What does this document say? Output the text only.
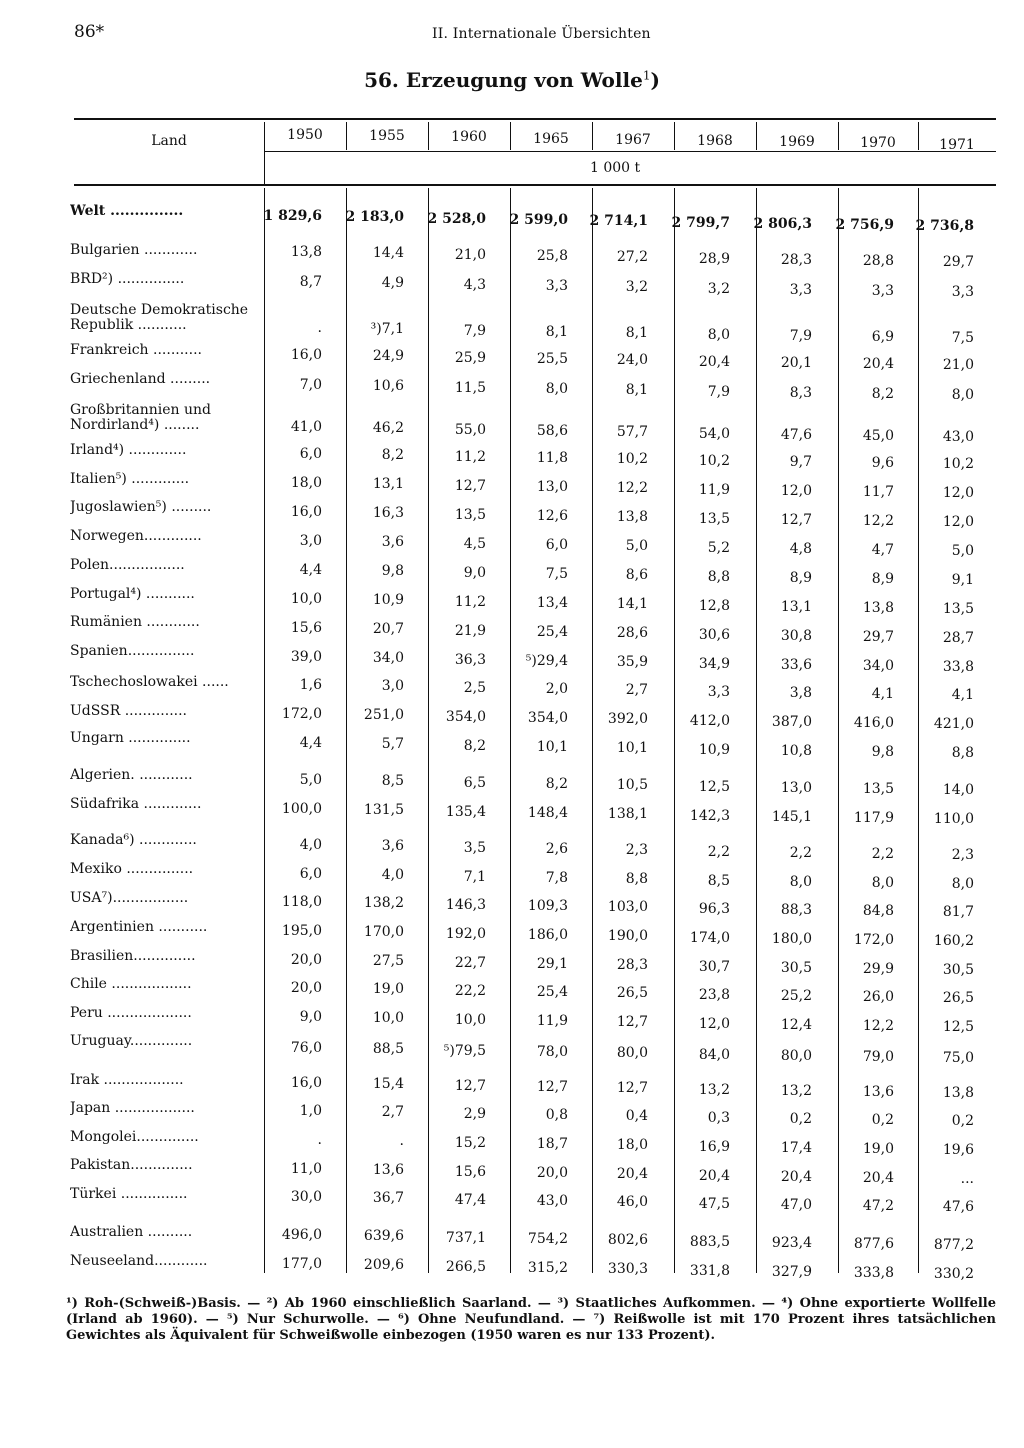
86*	II. Internationale Übersichten
56. Erzeugung von Wolle$^1$)
Land
1 000 t
1950	1955	1960	1965	1967	1968	1969	1970	1971
Welt ...............	1 829,6	2 183,0	2 528,0	2 599,0	2 714,1	2 799,7	2 806,3	2 756,9	2 736,8
Bulgarien ............	13,8	14,4	21,0	25,8	27,2	28,9	28,3	28,8	29,7
BRD²) ...............	8,7	4,9	4,3	3,3	3,2	3,2	3,3	3,3	3,3
Deutsche Demokratische Republik ...........	.	³)7,1	7,9	8,1	8,1	8,0	7,9	6,9	7,5
Frankreich ...........	16,0	24,9	25,9	25,5	24,0	20,4	20,1	20,4	21,0
Griechenland .........	7,0	10,6	11,5	8,0	8,1	7,9	8,3	8,2	8,0
Großbritannien und Nordirland⁴) ........	41,0	46,2	55,0	58,6	57,7	54,0	47,6	45,0	43,0
Irland⁴) .............	6,0	8,2	11,2	11,8	10,2	10,2	9,7	9,6	10,2
Italien⁵) .............	18,0	13,1	12,7	13,0	12,2	11,9	12,0	11,7	12,0
Jugoslawien⁵) .........	16,0	16,3	13,5	12,6	13,8	13,5	12,7	12,2	12,0
Norwegen.............	3,0	3,6	4,5	6,0	5,0	5,2	4,8	4,7	5,0
Polen.................	4,4	9,8	9,0	7,5	8,6	8,8	8,9	8,9	9,1
Portugal⁴) ...........	10,0	10,9	11,2	13,4	14,1	12,8	13,1	13,8	13,5
Rumänien ............	15,6	20,7	21,9	25,4	28,6	30,6	30,8	29,7	28,7
Spanien...............	39,0	34,0	36,3	⁵)29,4	35,9	34,9	33,6	34,0	33,8
Tschechoslowakei ......	1,6	3,0	2,5	2,0	2,7	3,3	3,8	4,1	4,1
UdSSR ..............	172,0	251,0	354,0	354,0	392,0	412,0	387,0	416,0	421,0
Ungarn ..............	4,4	5,7	8,2	10,1	10,1	10,9	10,8	9,8	8,8
Algerien. ............	5,0	8,5	6,5	8,2	10,5	12,5	13,0	13,5	14,0
Südafrika .............	100,0	131,5	135,4	148,4	138,1	142,3	145,1	117,9	110,0
Kanada⁶) .............	4,0	3,6	3,5	2,6	2,3	2,2	2,2	2,2	2,3
Mexiko ...............	6,0	4,0	7,1	7,8	8,8	8,5	8,0	8,0	8,0
USA⁷).................	118,0	138,2	146,3	109,3	103,0	96,3	88,3	84,8	81,7
Argentinien ...........	195,0	170,0	192,0	186,0	190,0	174,0	180,0	172,0	160,2
Brasilien..............	20,0	27,5	22,7	29,1	28,3	30,7	30,5	29,9	30,5
Chile ..................	20,0	19,0	22,2	25,4	26,5	23,8	25,2	26,0	26,5
Peru ...................	9,0	10,0	10,0	11,9	12,7	12,0	12,4	12,2	12,5
Uruguay..............	76,0	88,5	⁵)79,5	78,0	80,0	84,0	80,0	79,0	75,0
Irak ..................	16,0	15,4	12,7	12,7	12,7	13,2	13,2	13,6	13,8
Japan ..................	1,0	2,7	2,9	0,8	0,4	0,3	0,2	0,2	0,2
Mongolei..............	.	.	15,2	18,7	18,0	16,9	17,4	19,0	19,6
Pakistan..............	11,0	13,6	15,6	20,0	20,4	20,4	20,4	20,4	...
Türkei ...............	30,0	36,7	47,4	43,0	46,0	47,5	47,0	47,2	47,6
Australien ..........	496,0	639,6	737,1	754,2	802,6	883,5	923,4	877,6	877,2
Neuseeland............	177,0	209,6	266,5	315,2	330,3	331,8	327,9	333,8	330,2
¹) Roh-(Schweiß-)Basis. — ²) Ab 1960 einschließlich Saarland. — ³) Staatliches Aufkommen. — ⁴) Ohne exportierte Wollfelle (Irland ab 1960). — ⁵) Nur Schurwolle. — ⁶) Ohne Neufundland. — ⁷) Reißwolle ist mit 170 Prozent ihres tatsächlichen Gewichtes als Äquivalent für Schweißwolle einbezogen (1950 waren es nur 133 Prozent).
